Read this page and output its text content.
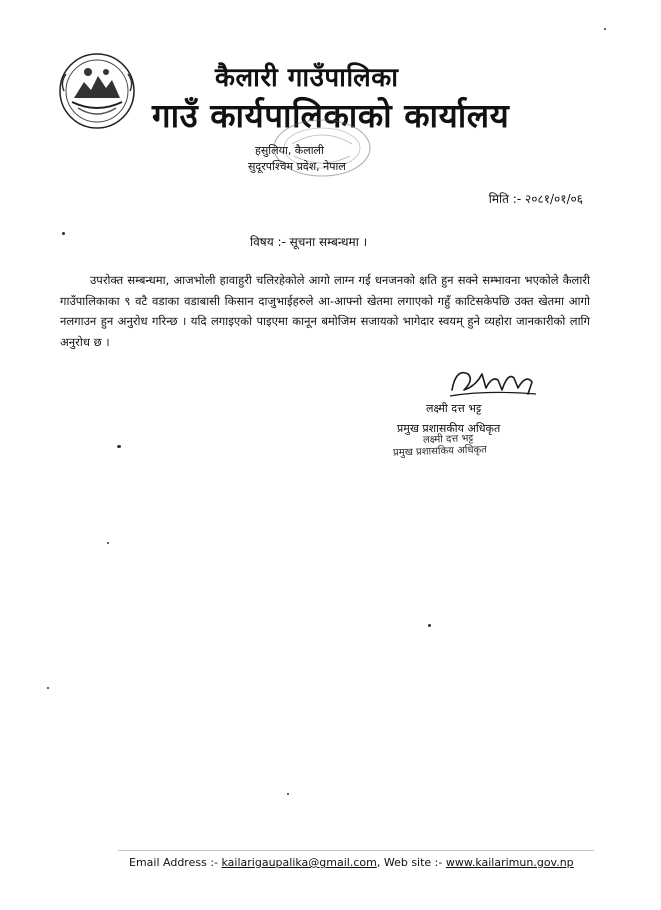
कैलारी गाउँपालिका
गाउँ कार्यपालिकाको कार्यालय
हसुलिया, कैलाली
सुदूरपश्चिम प्रदेश, नेपाल
मिति :- २०८१/०१/०६
विषय :- सूचना सम्बन्धमा ।
उपरोक्त सम्बन्धमा, आजभोली हावाहुरी चलिरहेकोले आगो लाग्न गई धनजनको क्षति हुन सक्ने सम्भावना भएकोले कैलारी गाउँपालिकाका ९ वटै वडाका वडाबासी किसान दाजुभाईहरुले आ-आफ्नो खेतमा लगाएको गहुँ काटिसकेपछि उक्त खेतमा आगो नलगाउन हुन अनुरोध गरिन्छ । यदि लगाइएको पाइएमा कानून बमोजिम सजायको भागेदार स्वयम् हुने व्यहोरा जानकारीको लागि अनुरोध छ ।
लक्ष्मी दत्त भट्ट
प्रमुख प्रशासकीय अधिकृत
लक्ष्मी दत्त भट्ट
प्रमुख प्रशासकिय अधिकृत
Email Address :- kailarigaupalika@gmail.com, Web site :- www.kailarimun.gov.np
